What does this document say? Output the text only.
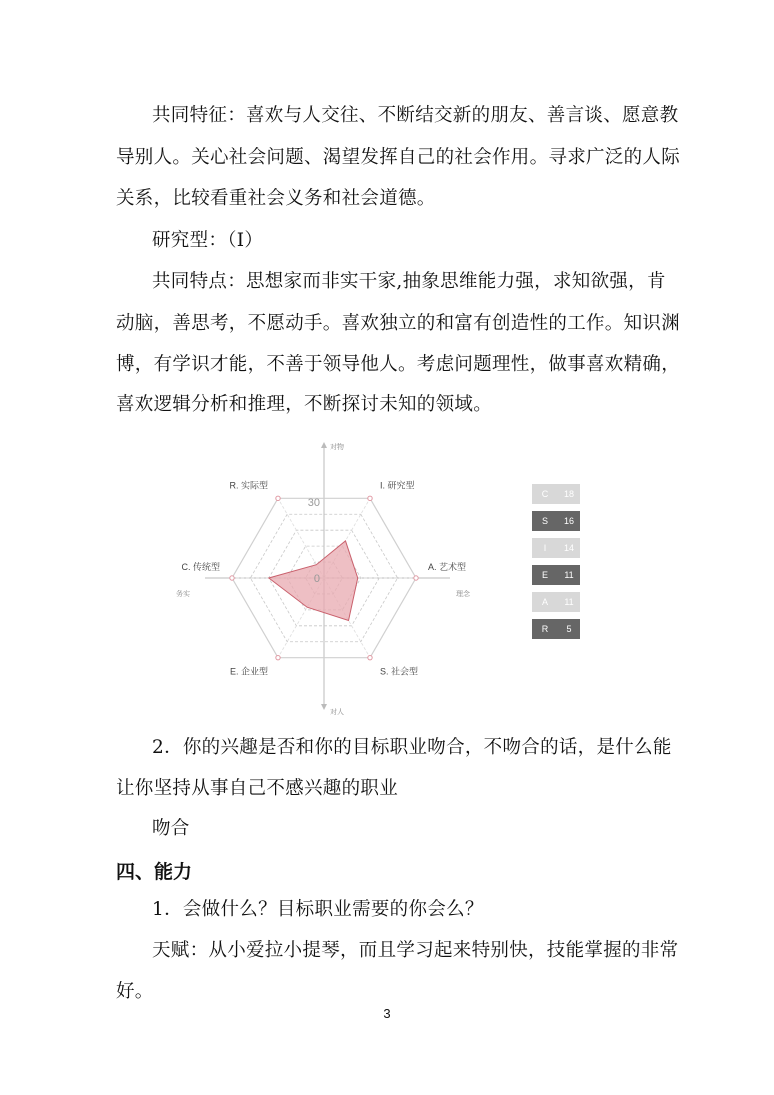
共同特征：喜欢与人交往、不断结交新的朋友、善言谈、愿意教
导别人。关心社会问题、渴望发挥自己的社会作用。寻求广泛的人际
关系，比较看重社会义务和社会道德。
研究型：（I）
共同特点：思想家而非实干家,抽象思维能力强，求知欲强，肯
动脑，善思考，不愿动手。喜欢独立的和富有创造性的工作。知识渊
博，有学识才能，不善于领导他人。考虑问题理性，做事喜欢精确，
喜欢逻辑分析和推理，不断探讨未知的领域。
I. 研究型
A. 艺术型
S. 社会型
E. 企业型
C. 传统型
R. 实际型
30
0
对物
对人
务实	理念
C	18
S	16
I	14
E	11
A	11
R	5
2．你的兴趣是否和你的目标职业吻合，不吻合的话，是什么能
让你坚持从事自己不感兴趣的职业
吻合
四、能力
1．会做什么？目标职业需要的你会么？
天赋：从小爱拉小提琴，而且学习起来特别快，技能掌握的非常
好。
3
